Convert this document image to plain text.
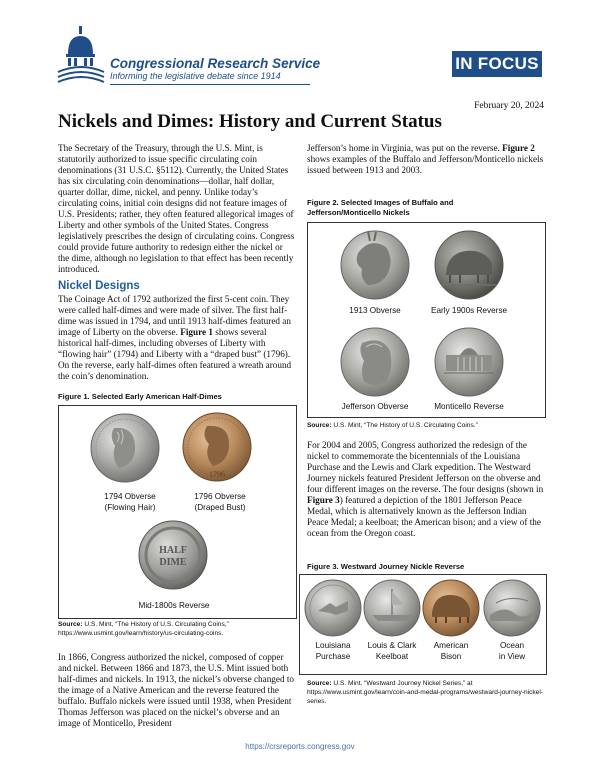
Congressional Research Service
Informing the legislative debate since 1914
IN FOCUS
February 20, 2024
Nickels and Dimes: History and Current Status

The Secretary of the Treasury, through the U.S. Mint, is statutorily authorized to issue specific circulating coin denominations (31 U.S.C. §5112). Currently, the United States has six circulating coin denominations—dollar, half dollar, quarter dollar, dime, nickel, and penny. Unlike today’s circulating coins, initial coin designs did not feature images of U.S. Presidents; rather, they often featured allegorical images of Liberty and other symbols of the United States. Congress legislatively prescribes the design of circulating coins. Congress could provide future authority to redesign either the nickel or the dime, although no legislation to that effect has been recently introduced.

Nickel Designs

The Coinage Act of 1792 authorized the first 5-cent coin. They were called half-dimes and were made of silver. The first half-dime was issued in 1794, and until 1913 half-dimes featured an image of Liberty on the obverse. Figure 1 shows several historical half-dimes, including obverses of Liberty with “flowing hair” (1794) and Liberty with a “draped bust” (1796). On the reverse, early half-dimes often featured a wreath around the coin’s denomination.

Figure 1. Selected Early American Half-Dimes
1796
HALF
DIME
1794 Obverse
(Flowing Hair)
1796 Obverse
(Draped Bust)
Mid-1800s Reverse
Source: U.S. Mint, “The History of U.S. Circulating Coins,” https://www.usmint.gov/learn/history/us-circulating-coins.

In 1866, Congress authorized the nickel, composed of copper and nickel. Between 1866 and 1873, the U.S. Mint issued both half-dimes and nickels. In 1913, the nickel’s obverse changed to the image of a Native American and the reverse featured the buffalo. Buffalo nickels were issued until 1938, when President Thomas Jefferson was placed on the nickel’s obverse and an image of Monticello, President

Jefferson’s home in Virginia, was put on the reverse. Figure 2 shows examples of the Buffalo and Jefferson/Monticello nickels issued between 1913 and 2003.

Figure 2. Selected Images of Buffalo and
Jefferson/Monticello Nickels
1913 Obverse	Early 1900s Reverse
Jefferson Obverse	Monticello Reverse
Source: U.S. Mint, “The History of U.S. Circulating Coins.”

For 2004 and 2005, Congress authorized the redesign of the nickel to commemorate the bicentennials of the Louisiana Purchase and the Lewis and Clark expedition. The Westward Journey nickels featured President Jefferson on the obverse and four different images on the reverse. The four designs (shown in Figure 3) featured a depiction of the 1801 Jefferson Peace Medal, which is alternatively known as the Jefferson Indian Peace Medal; a keelboat; the American bison; and a view of the ocean from the Oregon coast.

Figure 3. Westward Journey Nickle Reverse
Louisiana
Purchase
Louis & Clark
Keelboat
American
Bison
Ocean
in View
Source: U.S. Mint. “Westward Journey Nickel Series,” at https://www.usmint.gov/learn/coin-and-medal-programs/westward-journey-nickel-series.
https://crsreports.congress.gov
